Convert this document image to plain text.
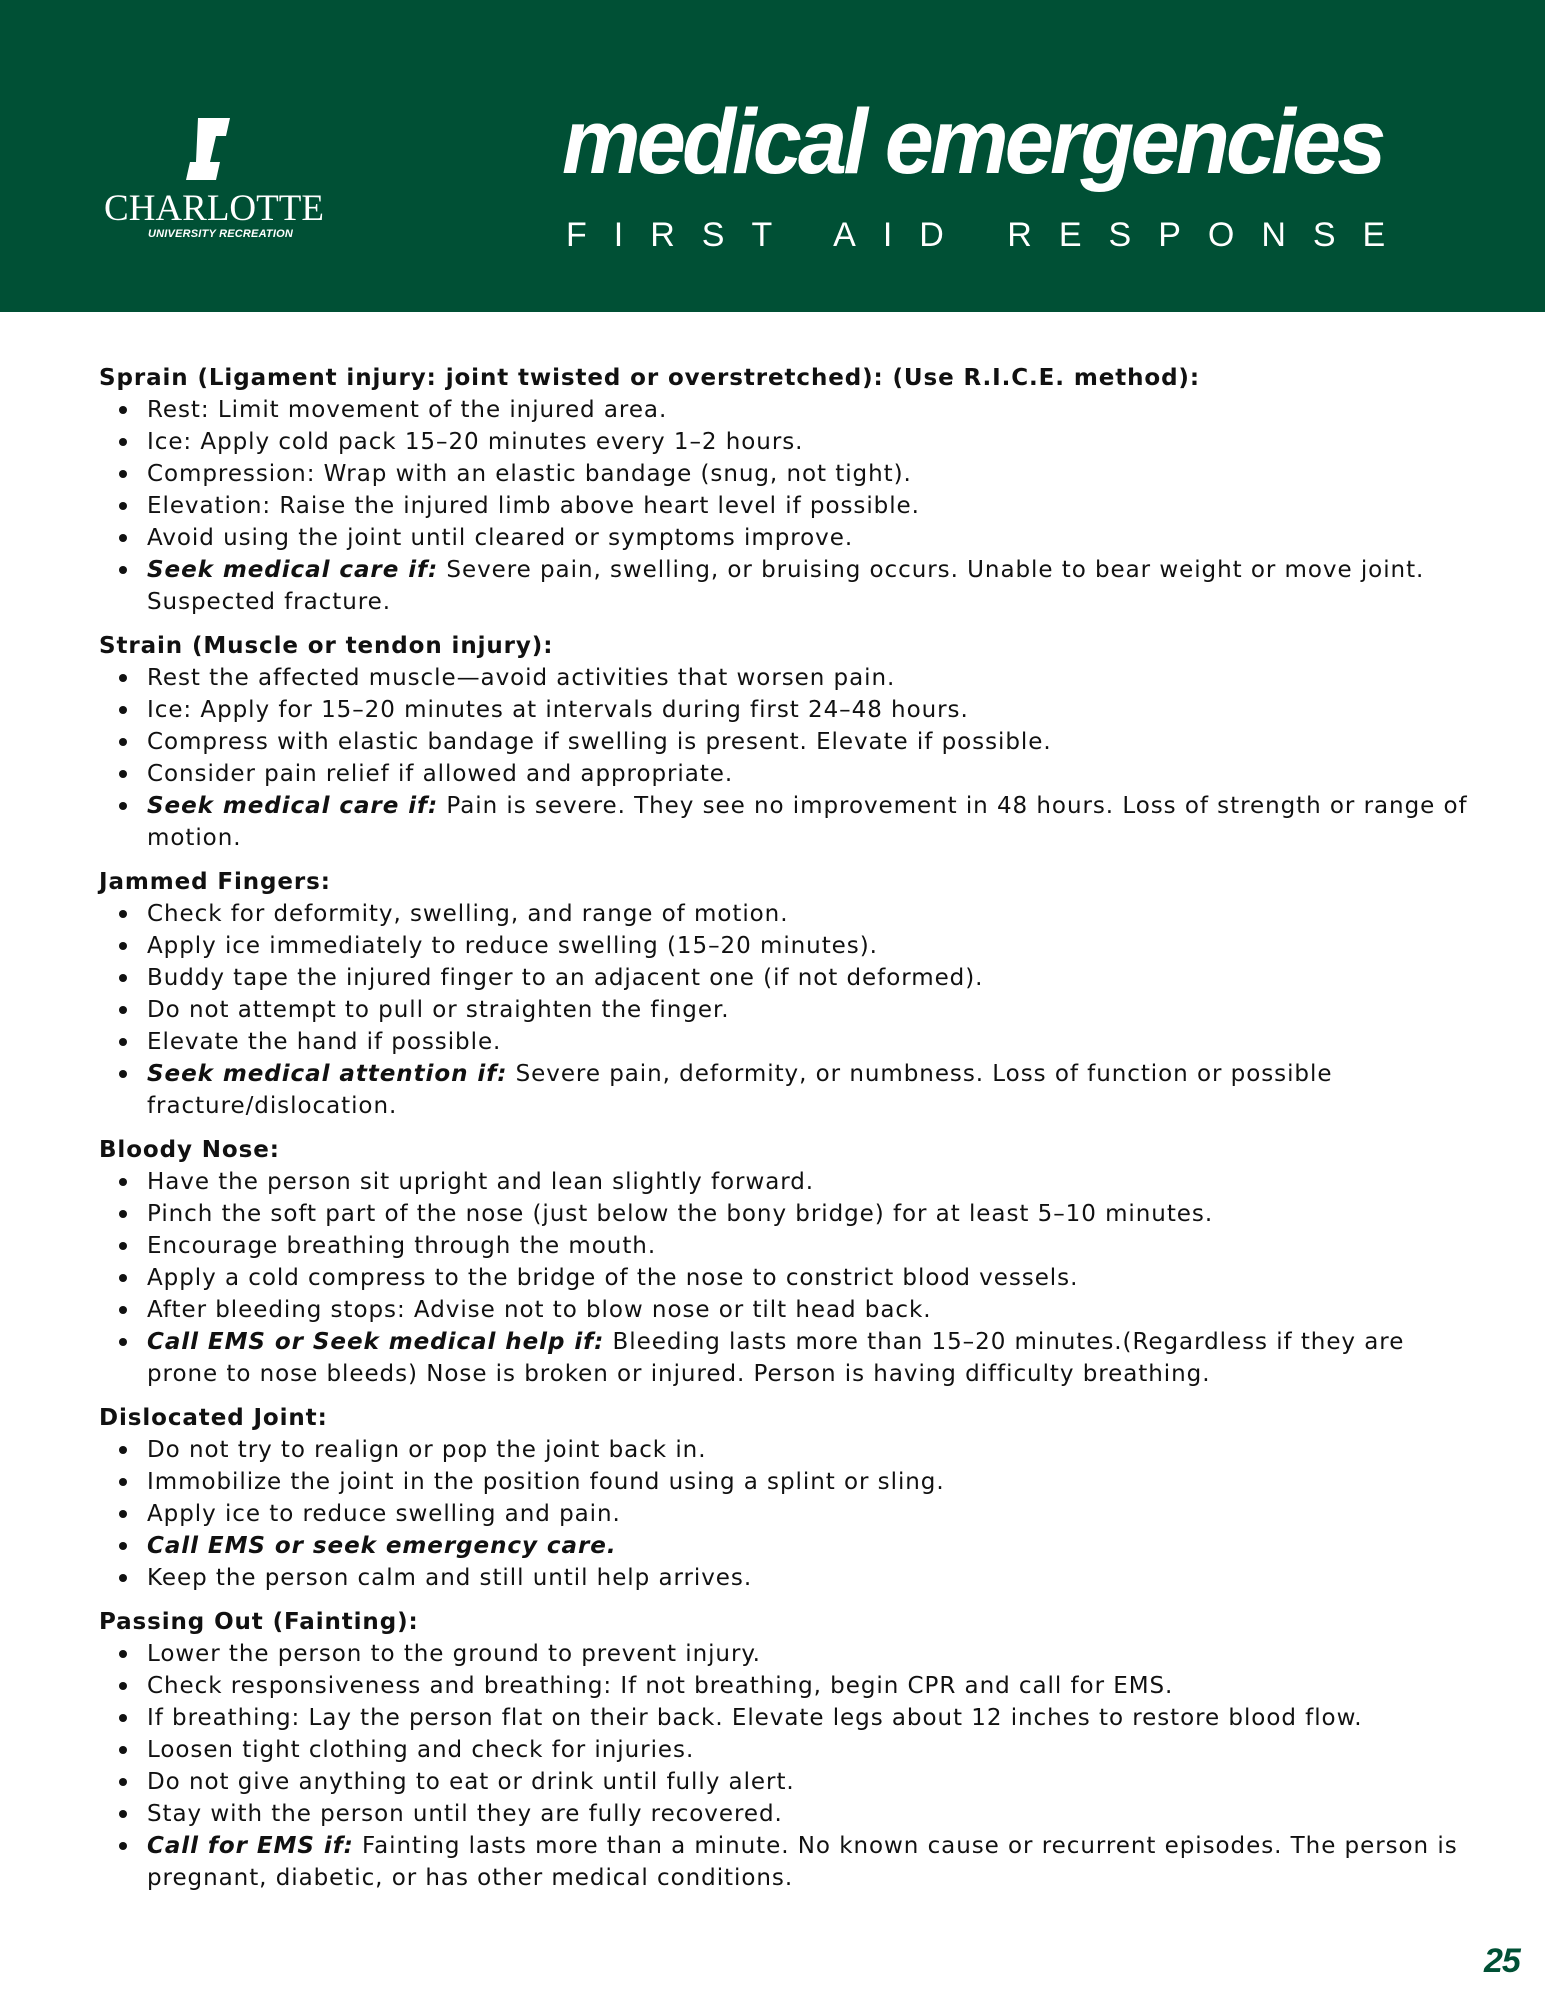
CHARLOTTE
UNIVERSITY RECREATION
medical emergencies
FIRST AID RESPONSE
Sprain (Ligament injury: joint twisted or overstretched): (Use R.I.C.E. method):
Rest: Limit movement of the injured area.
Ice: Apply cold pack 15–20 minutes every 1–2 hours.
Compression: Wrap with an elastic bandage (snug, not tight).
Elevation: Raise the injured limb above heart level if possible.
Avoid using the joint until cleared or symptoms improve.
Seek medical care if: Severe pain, swelling, or bruising occurs. Unable to bear weight or move joint. Suspected fracture.
Strain (Muscle or tendon injury):
Rest the affected muscle—avoid activities that worsen pain.
Ice: Apply for 15–20 minutes at intervals during first 24–48 hours.
Compress with elastic bandage if swelling is present. Elevate if possible.
Consider pain relief if allowed and appropriate.
Seek medical care if: Pain is severe. They see no improvement in 48 hours. Loss of strength or range of motion.
Jammed Fingers:
Check for deformity, swelling, and range of motion.
Apply ice immediately to reduce swelling (15–20 minutes).
Buddy tape the injured finger to an adjacent one (if not deformed).
Do not attempt to pull or straighten the finger.
Elevate the hand if possible.
Seek medical attention if: Severe pain, deformity, or numbness. Loss of function or possible fracture/dislocation.
Bloody Nose:
Have the person sit upright and lean slightly forward.
Pinch the soft part of the nose (just below the bony bridge) for at least 5–10 minutes.
Encourage breathing through the mouth.
Apply a cold compress to the bridge of the nose to constrict blood vessels.
After bleeding stops: Advise not to blow nose or tilt head back.
Call EMS or Seek medical help if: Bleeding lasts more than 15–20 minutes.(Regardless if they are prone to nose bleeds) Nose is broken or injured. Person is having difficulty breathing.
Dislocated Joint:
Do not try to realign or pop the joint back in.
Immobilize the joint in the position found using a splint or sling.
Apply ice to reduce swelling and pain.
Call EMS or seek emergency care.
Keep the person calm and still until help arrives.
Passing Out (Fainting):
Lower the person to the ground to prevent injury.
Check responsiveness and breathing: If not breathing, begin CPR and call for EMS.
If breathing: Lay the person flat on their back. Elevate legs about 12 inches to restore blood flow.
Loosen tight clothing and check for injuries.
Do not give anything to eat or drink until fully alert.
Stay with the person until they are fully recovered.
Call for EMS if: Fainting lasts more than a minute. No known cause or recurrent episodes. The person is pregnant, diabetic, or has other medical conditions.
25
